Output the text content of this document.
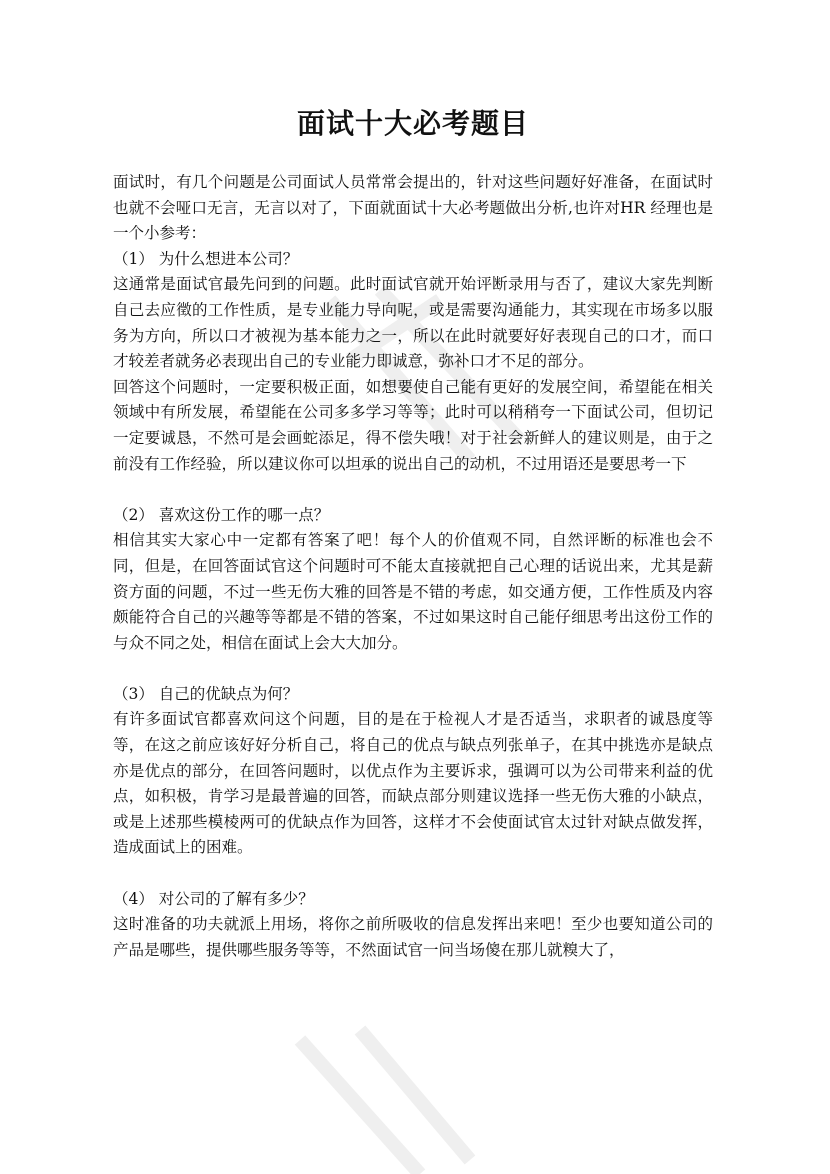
面试十大必考题目

面试时，有几个问题是公司面试人员常常会提出的，针对这些问题好好准备，在面试时也就不会哑口无言，无言以对了，下面就面试十大必考题做出分析,也许对HR 经理也是一个小参考：

（1） 为什么想进本公司？

这通常是面试官最先问到的问题。此时面试官就开始评断录用与否了，建议大家先判断自己去应徵的工作性质，是专业能力导向呢，或是需要沟通能力，其实现在市场多以服务为方向，所以口才被视为基本能力之一，所以在此时就要好好表现自己的口才，而口才较差者就务必表现出自己的专业能力即诚意，弥补口才不足的部分。

回答这个问题时，一定要积极正面，如想要使自己能有更好的发展空间，希望能在相关领域中有所发展，希望能在公司多多学习等等；此时可以稍稍夸一下面试公司，但切记一定要诚恳，不然可是会画蛇添足，得不偿失哦！对于社会新鲜人的建议则是，由于之前没有工作经验，所以建议你可以坦承的说出自己的动机，不过用语还是要思考一下

（2） 喜欢这份工作的哪一点？

相信其实大家心中一定都有答案了吧！每个人的价值观不同，自然评断的标准也会不同，但是，在回答面试官这个问题时可不能太直接就把自己心理的话说出来，尤其是薪资方面的问题，不过一些无伤大雅的回答是不错的考虑，如交通方便，工作性质及内容颇能符合自己的兴趣等等都是不错的答案，不过如果这时自己能仔细思考出这份工作的与众不同之处，相信在面试上会大大加分。

（3） 自己的优缺点为何？

有许多面试官都喜欢问这个问题，目的是在于检视人才是否适当，求职者的诚恳度等等，在这之前应该好好分析自己，将自己的优点与缺点列张单子，在其中挑选亦是缺点亦是优点的部分，在回答问题时，以优点作为主要诉求，强调可以为公司带来利益的优点，如积极，肯学习是最普遍的回答，而缺点部分则建议选择一些无伤大雅的小缺点，或是上述那些模棱两可的优缺点作为回答，这样才不会使面试官太过针对缺点做发挥，造成面试上的困难。

（4） 对公司的了解有多少？

这时准备的功夫就派上用场，将你之前所吸收的信息发挥出来吧！至少也要知道公司的产品是哪些，提供哪些服务等等，不然面试官一问当场傻在那儿就糗大了，
